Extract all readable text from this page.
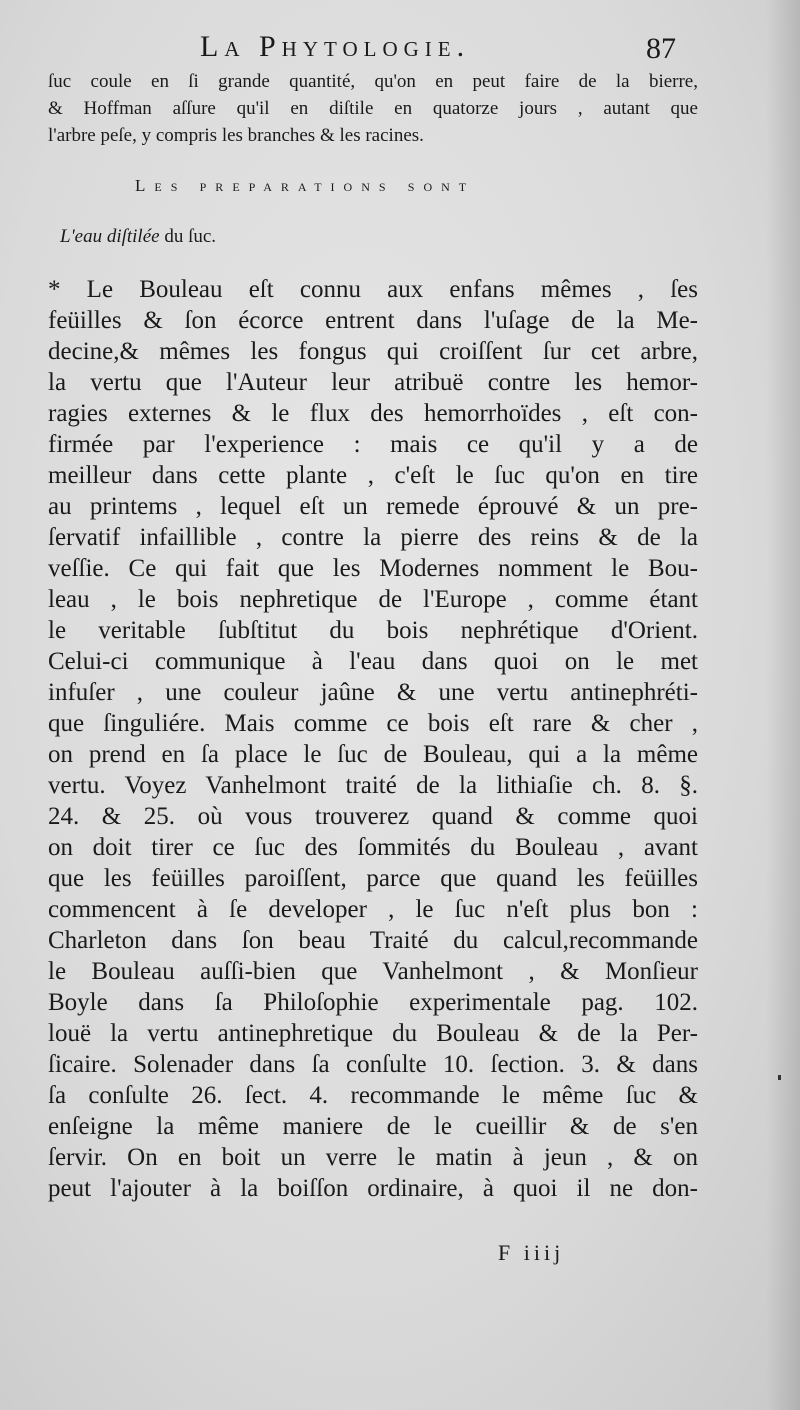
La Phytologie.	87
ſuc coule en ſi grande quantité, qu'on en peut faire de la bierre,
& Hoffman aſſure qu'il en diſtile en quatorze jours , autant que
l'arbre peſe, y compris les branches & les racines.
Les preparations sont
L'eau diſtilée du ſuc.
* Le Bouleau eſt connu aux enfans mêmes , ſes
feüilles & ſon écorce entrent dans l'uſage de la Me-
decine,& mêmes les fongus qui croiſſent ſur cet arbre,
la vertu que l'Auteur leur atribuë contre les hemor-
ragies externes & le flux des hemorrhoïdes , eſt con-
firmée par l'experience : mais ce qu'il y a de
meilleur dans cette plante , c'eſt le ſuc qu'on en tire
au printems , lequel eſt un remede éprouvé & un pre-
ſervatif infaillible , contre la pierre des reins & de la
veſſie. Ce qui fait que les Modernes nomment le Bou-
leau , le bois nephretique de l'Europe , comme étant
le veritable ſubſtitut du bois nephrétique d'Orient.
Celui-ci communique à l'eau dans quoi on le met
infuſer , une couleur jaûne & une vertu antinephréti-
que ſinguliére. Mais comme ce bois eſt rare & cher ,
on prend en ſa place le ſuc de Bouleau, qui a la même
vertu. Voyez Vanhelmont traité de la lithiaſie ch. 8. §.
24. & 25. où vous trouverez quand & comme quoi
on doit tirer ce ſuc des ſommités du Bouleau , avant
que les feüilles paroiſſent, parce que quand les feüilles
commencent à ſe developer , le ſuc n'eſt plus bon :
Charleton dans ſon beau Traité du calcul,recommande
le Bouleau auſſi-bien que Vanhelmont , & Monſieur
Boyle dans ſa Philoſophie experimentale pag. 102.
louë la vertu antinephretique du Bouleau & de la Per-
ſicaire. Solenader dans ſa conſulte 10. ſection. 3. & dans
ſa conſulte 26. ſect. 4. recommande le même ſuc &
enſeigne la même maniere de le cueillir & de s'en
ſervir. On en boit un verre le matin à jeun , & on
peut l'ajouter à la boiſſon ordinaire, à quoi il ne don-
F iiij
